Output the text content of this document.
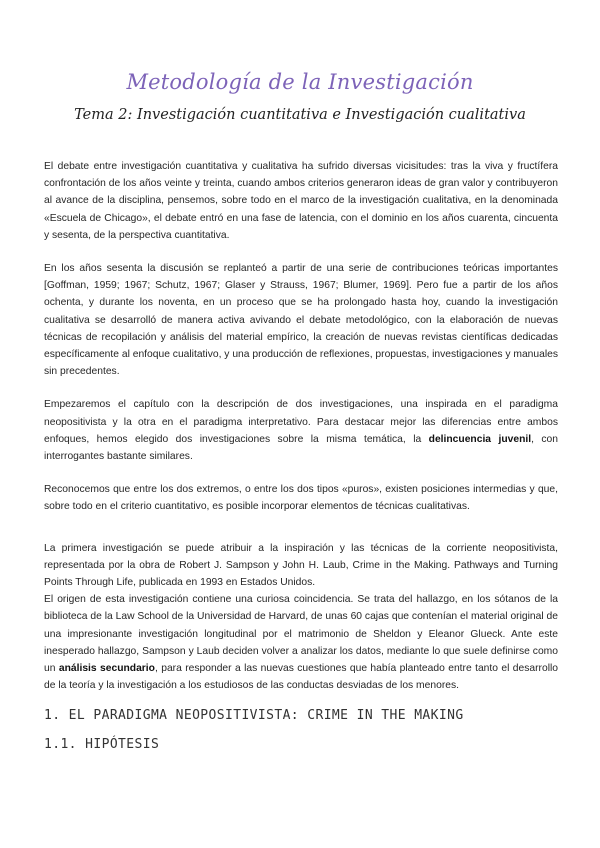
Metodología de la Investigación
Tema 2: Investigación cuantitativa e Investigación cualitativa

El debate entre investigación cuantitativa y cualitativa ha sufrido diversas vicisitudes: tras la viva y fructífera confrontación de los años veinte y treinta, cuando ambos criterios generaron ideas de gran valor y contribuyeron al avance de la disciplina, pensemos, sobre todo en el marco de la investigación cualitativa, en la denominada «Escuela de Chicago», el debate entró en una fase de latencia, con el dominio en los años cuarenta, cincuenta y sesenta, de la perspectiva cuantitativa.

En los años sesenta la discusión se replanteó a partir de una serie de contribuciones teóricas importantes [Goffman, 1959; 1967; Schutz, 1967; Glaser y Strauss, 1967; Blumer, 1969]. Pero fue a partir de los años ochenta, y durante los noventa, en un proceso que se ha prolongado hasta hoy, cuando la investigación cualitativa se desarrolló de manera activa avivando el debate metodológico, con la elaboración de nuevas técnicas de recopilación y análisis del material empírico, la creación de nuevas revistas científicas dedicadas específicamente al enfoque cualitativo, y una producción de reflexiones, propuestas, investigaciones y manuales sin precedentes.

Empezaremos el capítulo con la descripción de dos investigaciones, una inspirada en el paradigma neopositivista y la otra en el paradigma interpretativo. Para destacar mejor las diferencias entre ambos enfoques, hemos elegido dos investigaciones sobre la misma temática, la delincuencia juvenil, con interrogantes bastante similares.

Reconocemos que entre los dos extremos, o entre los dos tipos «puros», existen posiciones intermedias y que, sobre todo en el criterio cuantitativo, es posible incorporar elementos de técnicas cualitativas.

La primera investigación se puede atribuir a la inspiración y las técnicas de la corriente neopositivista, representada por la obra de Robert J. Sampson y John H. Laub, Crime in the Making. Pathways and Turning Points Through Life, publicada en 1993 en Estados Unidos.

El origen de esta investigación contiene una curiosa coincidencia. Se trata del hallazgo, en los sótanos de la biblioteca de la Law School de la Universidad de Harvard, de unas 60 cajas que contenían el material original de una impresionante investigación longitudinal por el matrimonio de Sheldon y Eleanor Glueck. Ante este inesperado hallazgo, Sampson y Laub deciden volver a analizar los datos, mediante lo que suele definirse como un análisis secundario, para responder a las nuevas cuestiones que había planteado entre tanto el desarrollo de la teoría y la investigación a los estudiosos de las conductas desviadas de los menores.

1. EL PARADIGMA NEOPOSITIVISTA: CRIME IN THE MAKING
1.1. HIPÓTESIS
